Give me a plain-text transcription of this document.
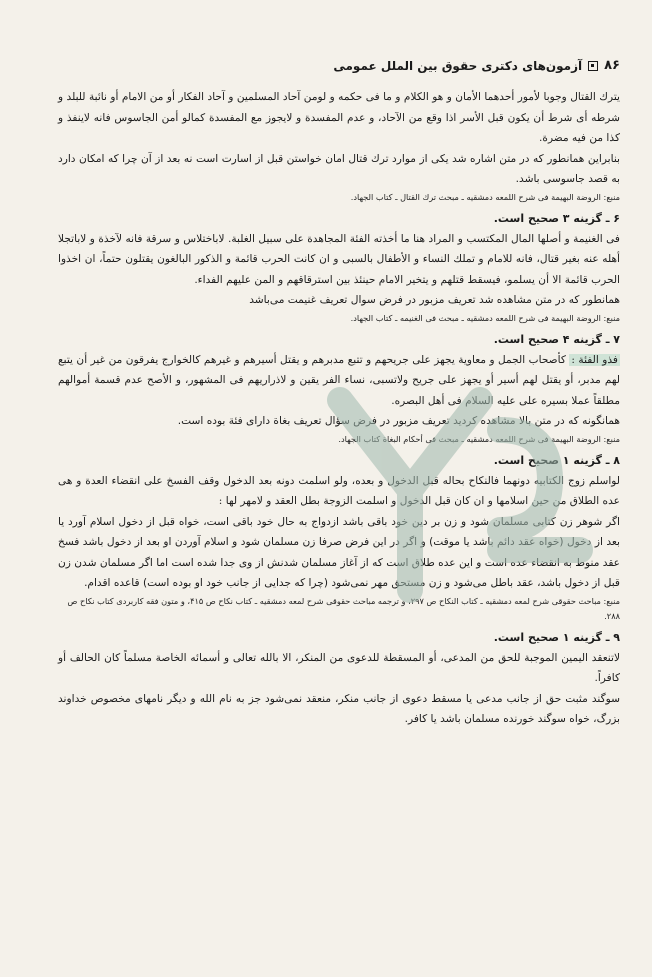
۸۶
آزمون‌های دکتری حقوق بین الملل عمومی

يترك القتال وجوبا لأمور أحدهما الأمان و هو الكلام و ما فى حكمه و لومن آحاد المسلمين و آحاد الفكار أو من الامام أو نائبة للبلد و شرطه أى شرط أن يكون قبل الأسر اذا وقع من الآحاد، و عدم المفسدة و لايجوز مع المفسدة كمالو أمن الجاسوس فانه لاينفذ و كذا من فيه مضرة.

بنابراين همانطور كه در متن اشاره شد يكى از موارد ترك قتال امان خواستن قبل از اسارت است نه بعد از آن چرا كه امكان دارد به قصد جاسوسى باشد.

منبع: الروضة البهيمة فى شرح اللمعه دمشقيه ـ مبحث ترك القتال ـ كتاب الجهاد.

۶ ـ گزینه ۳ صحیح است.

فى الغنيمة و أصلها المال المكتسب و المراد هنا ما أخذته الفئة المجاهدة على سبيل الغلبة. لاباختلاس و سرقة فانه لآخذة و لاباتجلا أهله عنه بغير قتال، فانه للامام و تملك النساء و الأطفال بالسبى و ان كانت الحرب قائمة و الذكور البالغون يقتلون حتماً، ان اخذوا الحرب قائمة الا أن يسلمو، فيسقط قتلهم و يتخير الامام حينئذ بين استرقاقهم و المن عليهم الفداء.

همانطور كه در متن مشاهده شد تعريف مزبور در فرض سوال تعريف غنيمت مى‌باشد

منبع: الروضة البهيمة فى شرح اللمعه دمشقيه ـ مبحث فى الغنيمه ـ كتاب الجهاد.

۷ ـ گزينه ۴ صحيح است.

فذو الفئة : كأصحاب الجمل و معاوية يجهز على جريحهم و تتبع مدبرهم و يقتل أسيرهم و غيرهم كالخوارج يفرقون من غير أن يتبع لهم مدبر، أو يقتل لهم أسير أو يجهز على جريح ولاتسبى، نساء الفر يقين و لاذراريهم فى المشهور، و الأصح عدم قسمة أموالهم مطلقاً عملا بسيره على عليه السلام فى أهل البصره.

همانگونه كه در متن بالا مشاهده كرديد تعريف مزبور در فرض سؤال تعريف بغاة داراى فئة بوده است.

منبع: الروضة البهيمة فى شرح اللمعه دمشقيه ـ مبحث فى أحكام البغاة كتاب الجهاد.

۸ ـ گزينه ۱ صحيح است.

لواسلم زوج الكتابيه دونهما فالنكاح بحاله قبل الدخول و بعده، ولو اسلمت دونه بعد الدخول وقف الفسخ على انقضاء العدة و هى عده الطلاق من حين اسلامها و ان كان قبل الدخول و اسلمت الزوجة بطل العقد و لامهر لها :

اگر شوهر زن كتابى مسلمان شود و زن بر دين خود باقى باشد ازدواج به حال خود باقى است، خواه قبل از دخول اسلام آورد يا بعد از دخول (خواه عقد دائم باشد يا موقت) و اگر در اين فرض صرفا زن مسلمان شود و اسلام آوردن او بعد از دخول باشد فسخ عقد منوط به انقضاء عده است و اين عده طلاق است كه از آغاز مسلمان شدنش از وى جدا شده است اما اگر مسلمان شدن زن قبل از دخول باشد، عقد باطل مى‌شود و زن مستحق مهر نمى‌شود (چرا كه جدايى از جانب خود او بوده است) قاعده اقدام.

منبع: مباحث حقوقى شرح لمعه دمشقيه ـ كتاب النكاح ص ۲۹۷، و ترجمه مباحث حقوقى شرح لمعه دمشقيه ـ كتاب نكاح ص ۴۱۵، و متون فقه كاربردى كتاب نكاح ص ۲۸۸.

۹ ـ گزينه ۱ صحيح است.

لاتنعقد اليمين الموجبة للحق من المدعى، أو المسقطة للدعوى من المنكر، الا بالله تعالى و أسمائه الخاصة مسلماً كان الحالف أو كافراً.

سوگند مثبت حق از جانب مدعى يا مسقط دعوى از جانب منكر، منعقد نمى‌شود جز به نام الله و ديگر نامهاى مخصوص خداوند بزرگ، خواه سوگند خورنده مسلمان باشد يا كافر.
